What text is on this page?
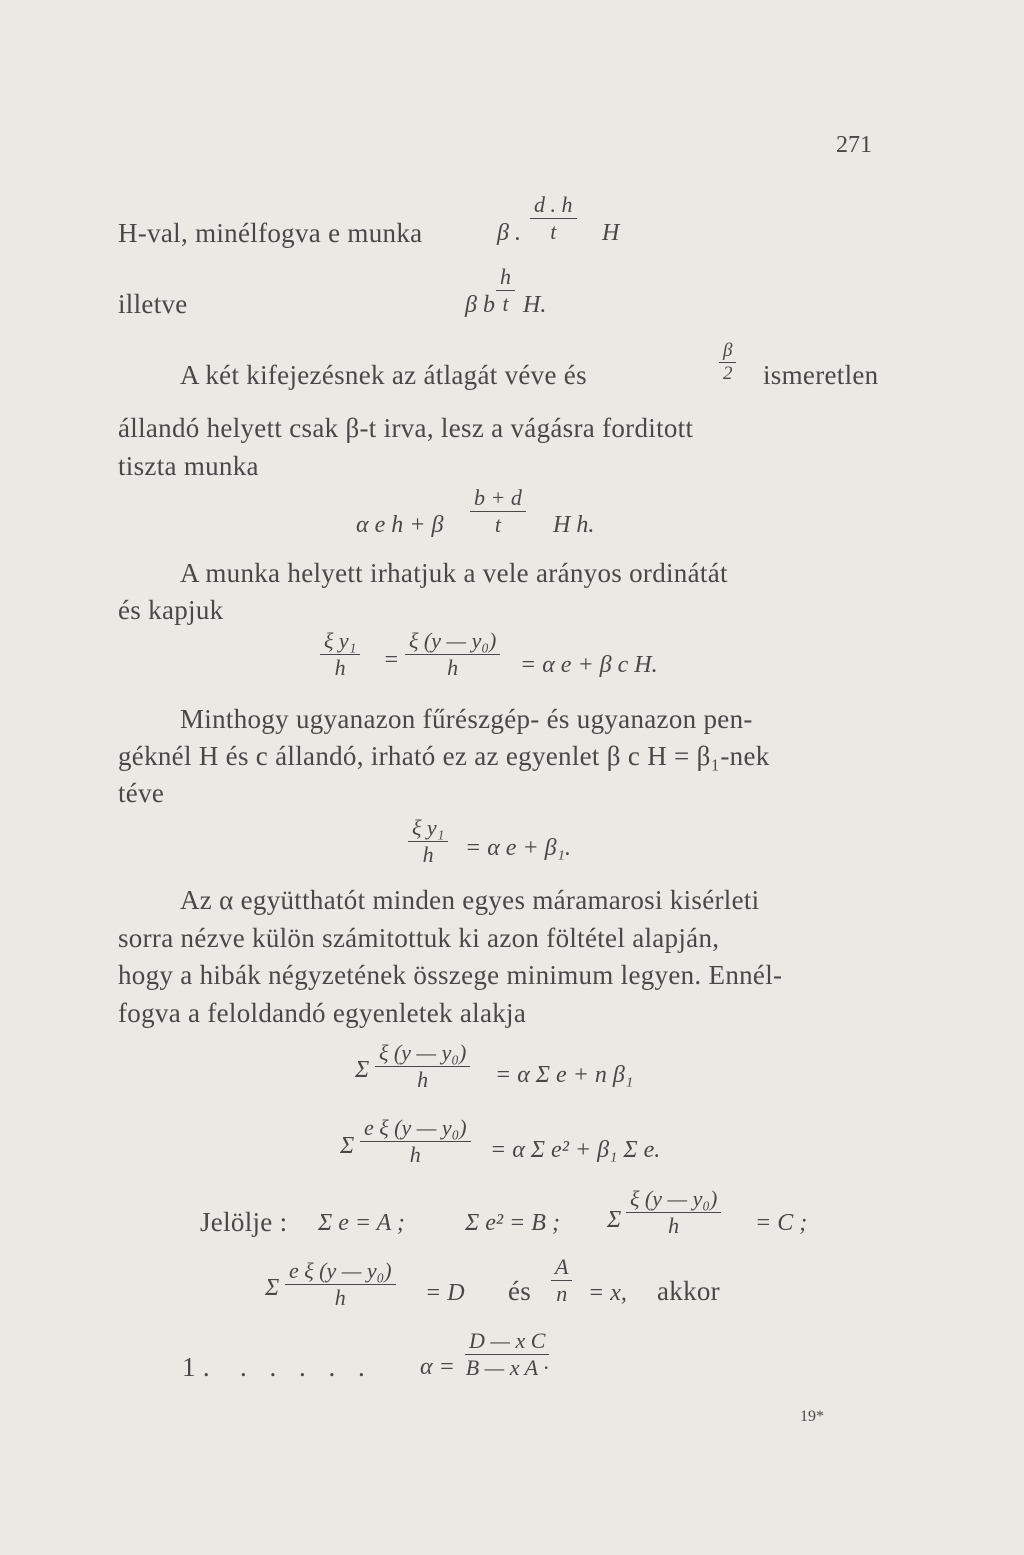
271
H-val, minélfogva e munka	β . $\frac{d . h}{t}$ H
illetve	β b $\frac{h}{t} H$.
A két kifejezésnek az átlagát véve és	$\frac{\beta}{2}$ ismeretlen
állandó helyett csak β-t irva, lesz a vágásra forditott
tiszta munka
α e h + β $\frac{b + d}{t}$ H h.
A munka helyett irhatjuk a vele arányos ordinátát
és kapjuk
$\frac{\text{ξ y₁}}{h} = \frac{\text{ξ (y — y₀)}}{h} = \alpha$ e + β c H.
Minthogy ugyanazon fűrészgép- és ugyanazon pen-
géknél H és c állandó, irható ez az egyenlet β c H = β₁-nek
téve
$\frac{\text{ξ y₁}}{h} = \alpha$ e + β₁.
Az α együtthatót minden egyes máramarosi kisérleti
sorra nézve külön számitottuk ki azon föltétel alapján,
hogy a hibák négyzetének összege minimum legyen. Ennél-
fogva a feloldandó egyenletek alakja
Σ $\frac{\text{ξ (y — y₀)}}{h} = \alpha$ Σ e + n β₁
Σ $\frac{\text{e ξ (y — y₀)}}{h} = \alpha$ Σ e² + β₁ Σ e.
Jelölje : Σ e = A ;	Σ e² = B ; Σ $\frac{\text{ξ (y — y₀)}}{h} = C$ ;
Σ $\frac{\text{e ξ (y — y₀)}}{h} = D$ és $\frac{A}{n} = x$, akkor
1 . . . . . . $\alpha = \frac{\text{D — x C}}{\text{B — x A ·}}$
19*
